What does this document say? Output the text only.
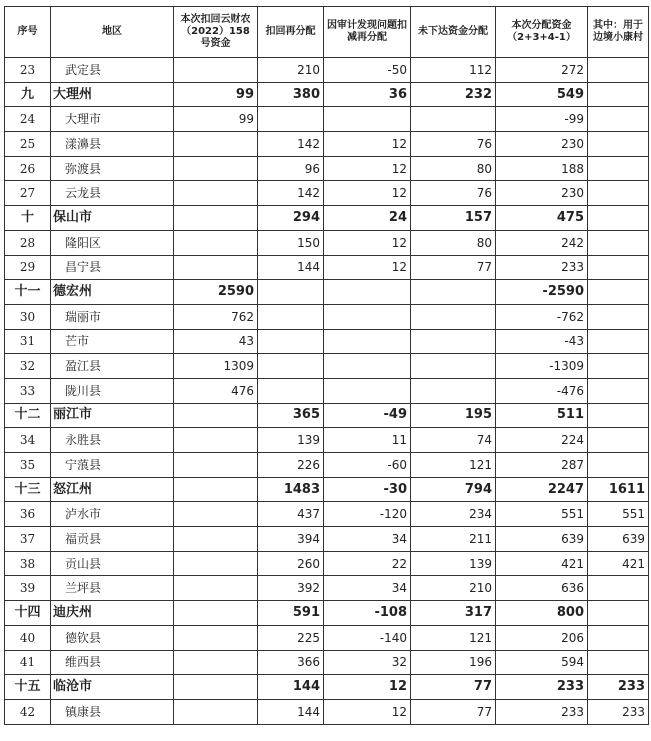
序号	地区	本次扣回云财农（2022）158号资金	扣回再分配	因审计发现问题扣减再分配	未下达资金分配	本次分配资金（2+3+4-1）	其中：用于边境小康村
23	武定县		210	-50	112	272	
九	大理州	99	380	36	232	549	
24	大理市	99				-99	
25	漾濞县		142	12	76	230	
26	弥渡县		96	12	80	188	
27	云龙县		142	12	76	230	
十	保山市		294	24	157	475	
28	隆阳区		150	12	80	242	
29	昌宁县		144	12	77	233	
十一	德宏州	2590				-2590	
30	瑞丽市	762				-762	
31	芒市	43				-43	
32	盈江县	1309				-1309	
33	陇川县	476				-476	
十二	丽江市		365	-49	195	511	
34	永胜县		139	11	74	224	
35	宁蒗县		226	-60	121	287	
十三	怒江州		1483	-30	794	2247	1611
36	泸水市		437	-120	234	551	551
37	福贡县		394	34	211	639	639
38	贡山县		260	22	139	421	421
39	兰坪县		392	34	210	636	
十四	迪庆州		591	-108	317	800	
40	德钦县		225	-140	121	206	
41	维西县		366	32	196	594	
十五	临沧市		144	12	77	233	233
42	镇康县		144	12	77	233	233
